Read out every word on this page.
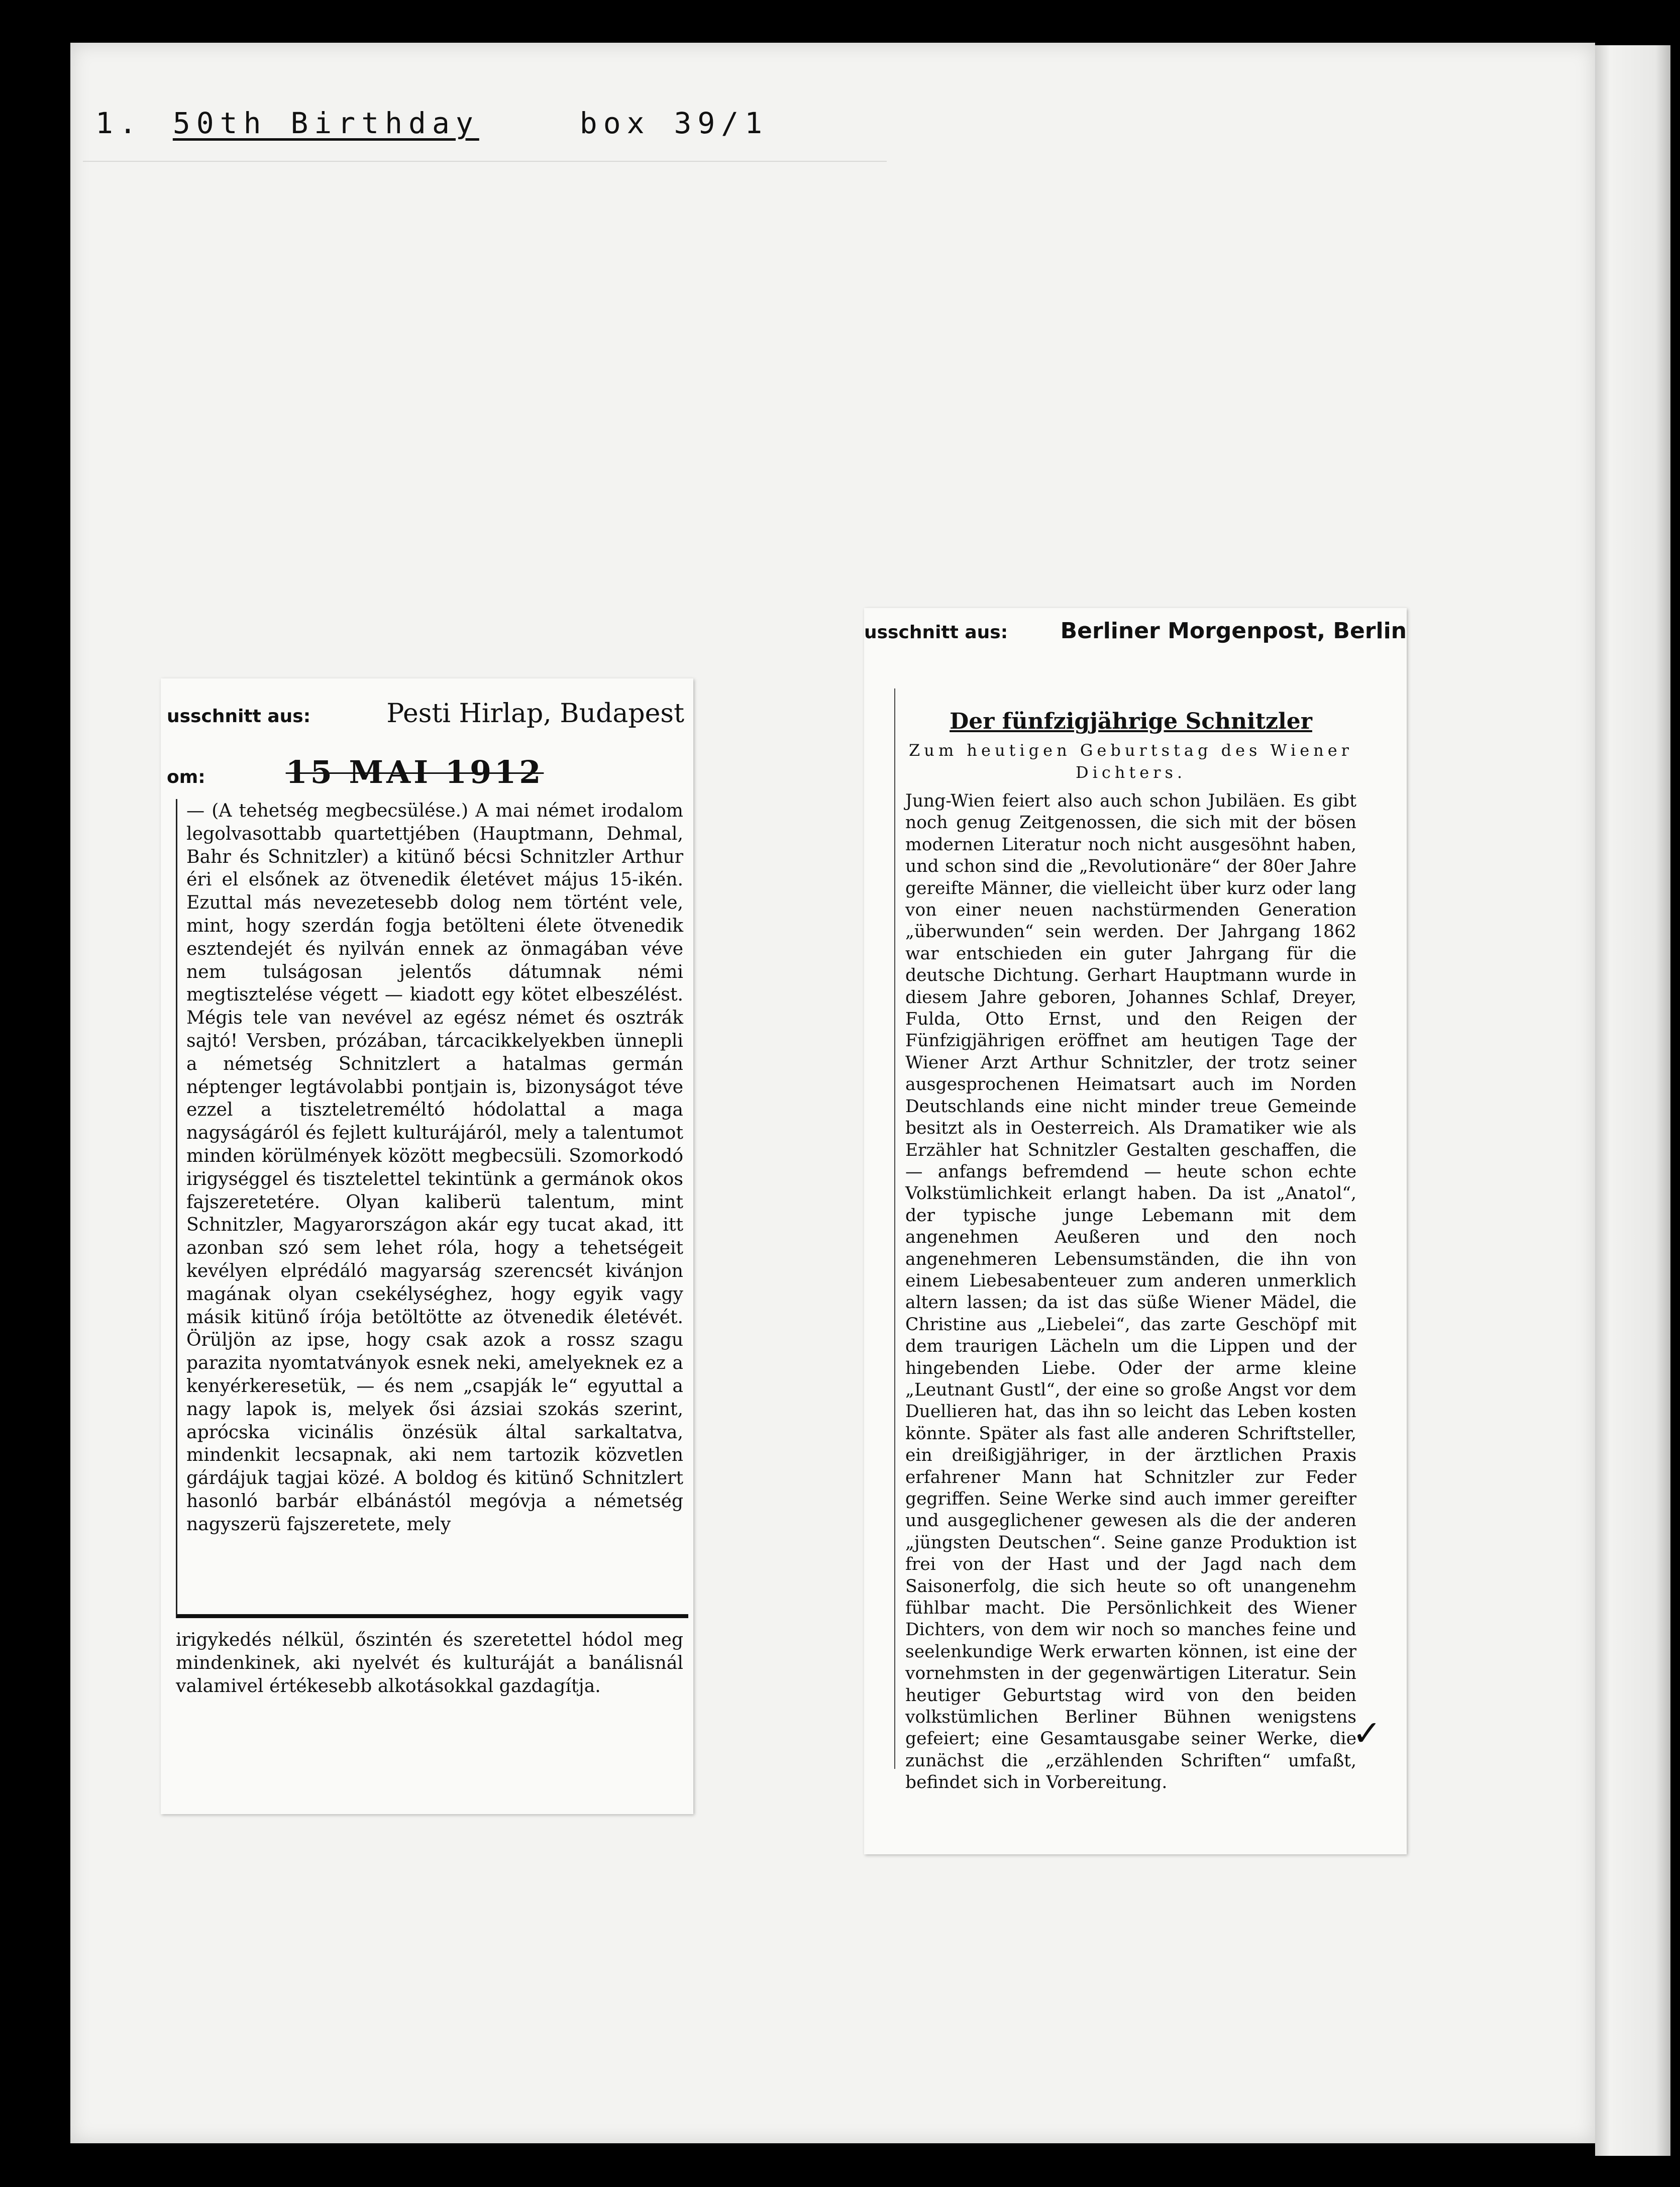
1. 50th Birthday	box 39/1
usschnitt aus:	Pesti Hirlap, Budapest
om:	15 MAI 1912
— (A tehetség megbecsülése.) A mai német irodalom legolvasottabb quartettjében (Hauptmann, Dehmal, Bahr és Schnitzler) a kitünő bécsi Schnitzler Arthur éri el elsőnek az ötvenedik életévet május 15-ikén. Ezuttal más nevezetesebb dolog nem történt vele, mint, hogy szerdán fogja betölteni élete ötvenedik esztendejét és nyilván ennek az önmagában véve nem tulságosan jelentős dátumnak némi megtisztelése végett — kiadott egy kötet elbeszélést. Mégis tele van nevével az egész német és osztrák sajtó! Versben, prózában, tárcacikkelyekben ünnepli a németség Schnitzlert a hatalmas germán néptenger legtávolabbi pontjain is, bizonyságot téve ezzel a tiszteletreméltó hódolattal a maga nagyságáról és fejlett kulturájáról, mely a talentumot minden körülmények között megbecsüli. Szomorkodó irigységgel és tisztelettel tekintünk a germánok okos fajszeretetére. Olyan kaliberü talentum, mint Schnitzler, Magyarországon akár egy tucat akad, itt azonban szó sem lehet róla, hogy a tehetségeit kevélyen elprédáló magyarság szerencsét kivánjon magának olyan csekélységhez, hogy egyik vagy másik kitünő írója betöltötte az ötvenedik életévét. Örüljön az ipse, hogy csak azok a rossz szagu parazita nyomtatványok esnek neki, amelyeknek ez a kenyérkeresetük, — és nem „csapják le“ egyuttal a nagy lapok is, melyek ősi ázsiai szokás szerint, aprócska vicinális önzésük által sarkaltatva, mindenkit lecsapnak, aki nem tartozik közvetlen gárdájuk tagjai közé. A boldog és kitünő Schnitzlert hasonló barbár elbánástól megóvja a németség nagyszerü fajszeretete, mely
irigykedés nélkül, őszintén és szeretettel hódol meg mindenkinek, aki nyelvét és kulturáját a banálisnál valamivel értékesebb alkotásokkal gazdagítja.
usschnitt aus: Berliner Morgenpost, Berlin
Der fünfzigjährige Schnitzler
Zum heutigen Geburtstag des Wiener Dichters.
Jung-Wien feiert also auch schon Jubiläen. Es gibt noch genug Zeitgenossen, die sich mit der bösen modernen Literatur noch nicht ausgesöhnt haben, und schon sind die „Revolutionäre“ der 80er Jahre gereifte Männer, die vielleicht über kurz oder lang von einer neuen nachstürmenden Generation „überwunden“ sein werden. Der Jahrgang 1862 war entschieden ein guter Jahrgang für die deutsche Dichtung. Gerhart Hauptmann wurde in diesem Jahre geboren, Johannes Schlaf, Dreyer, Fulda, Otto Ernst, und den Reigen der Fünfzigjährigen eröffnet am heutigen Tage der Wiener Arzt Arthur Schnitzler, der trotz seiner ausgesprochenen Heimatsart auch im Norden Deutschlands eine nicht minder treue Gemeinde besitzt als in Oesterreich. Als Dramatiker wie als Erzähler hat Schnitzler Gestalten geschaffen, die — anfangs befremdend — heute schon echte Volkstümlichkeit erlangt haben. Da ist „Anatol“, der typische junge Lebemann mit dem angenehmen Aeußeren und den noch angenehmeren Lebensumständen, die ihn von einem Liebesabenteuer zum anderen unmerklich altern lassen; da ist das süße Wiener Mädel, die Christine aus „Liebelei“, das zarte Geschöpf mit dem traurigen Lächeln um die Lippen und der hingebenden Liebe. Oder der arme kleine „Leutnant Gustl“, der eine so große Angst vor dem Duellieren hat, das ihn so leicht das Leben kosten könnte. Später als fast alle anderen Schriftsteller, ein dreißigjähriger, in der ärztlichen Praxis erfahrener Mann hat Schnitzler zur Feder gegriffen. Seine Werke sind auch immer gereifter und ausgeglichener gewesen als die der anderen „jüngsten Deutschen“. Seine ganze Produktion ist frei von der Hast und der Jagd nach dem Saisonerfolg, die sich heute so oft unangenehm fühlbar macht. Die Persönlichkeit des Wiener Dichters, von dem wir noch so manches feine und seelenkundige Werk erwarten können, ist eine der vornehmsten in der gegenwärtigen Literatur. Sein heutiger Geburtstag wird von den beiden volkstümlichen Berliner Bühnen wenigstens gefeiert; eine Gesamtausgabe seiner Werke, die zunächst die „erzählenden Schriften“ umfaßt, befindet sich in Vorbereitung.
✓
